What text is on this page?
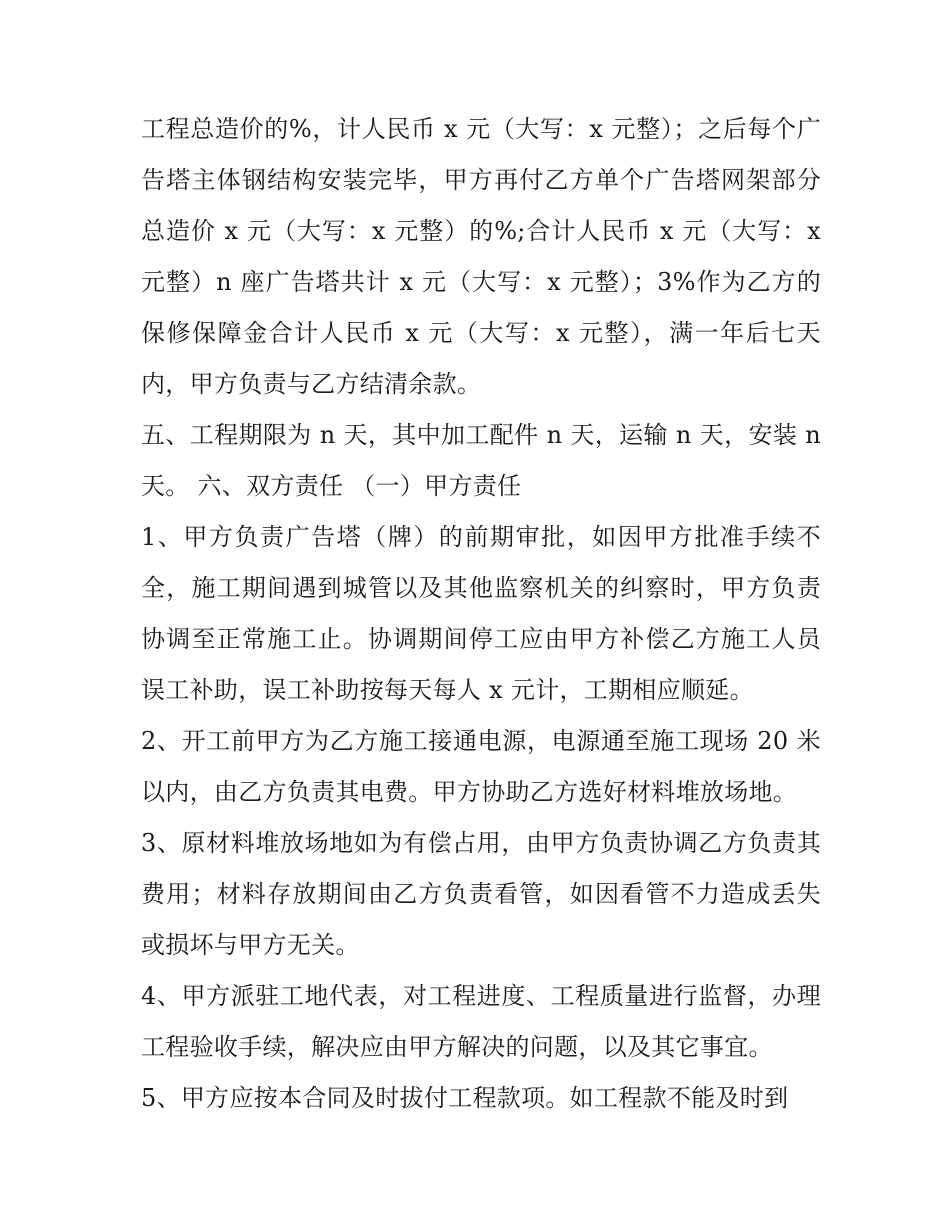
工程总造价的%，计人民币 x 元（大写：x 元整）；之后每个广告塔主体钢结构安装完毕，甲方再付乙方单个广告塔网架部分总造价 x 元（大写：x 元整）的%;合计人民币 x 元（大写：x 元整）n 座广告塔共计 x 元（大写：x 元整）；3%作为乙方的保修保障金合计人民币 x 元（大写：x 元整），满一年后七天内，甲方负责与乙方结清余款。

五、工程期限为 n 天，其中加工配件 n 天，运输 n 天，安装 n 天。 六、双方责任 （一）甲方责任

1、甲方负责广告塔（牌）的前期审批，如因甲方批准手续不全，施工期间遇到城管以及其他监察机关的纠察时，甲方负责协调至正常施工止。协调期间停工应由甲方补偿乙方施工人员误工补助，误工补助按每天每人 x 元计，工期相应顺延。

2、开工前甲方为乙方施工接通电源，电源通至施工现场 20 米以内，由乙方负责其电费。甲方协助乙方选好材料堆放场地。

3、原材料堆放场地如为有偿占用，由甲方负责协调乙方负责其费用；材料存放期间由乙方负责看管，如因看管不力造成丢失或损坏与甲方无关。

4、甲方派驻工地代表，对工程进度、工程质量进行监督，办理工程验收手续，解决应由甲方解决的问题，以及其它事宜。

5、甲方应按本合同及时拔付工程款项。如工程款不能及时到
